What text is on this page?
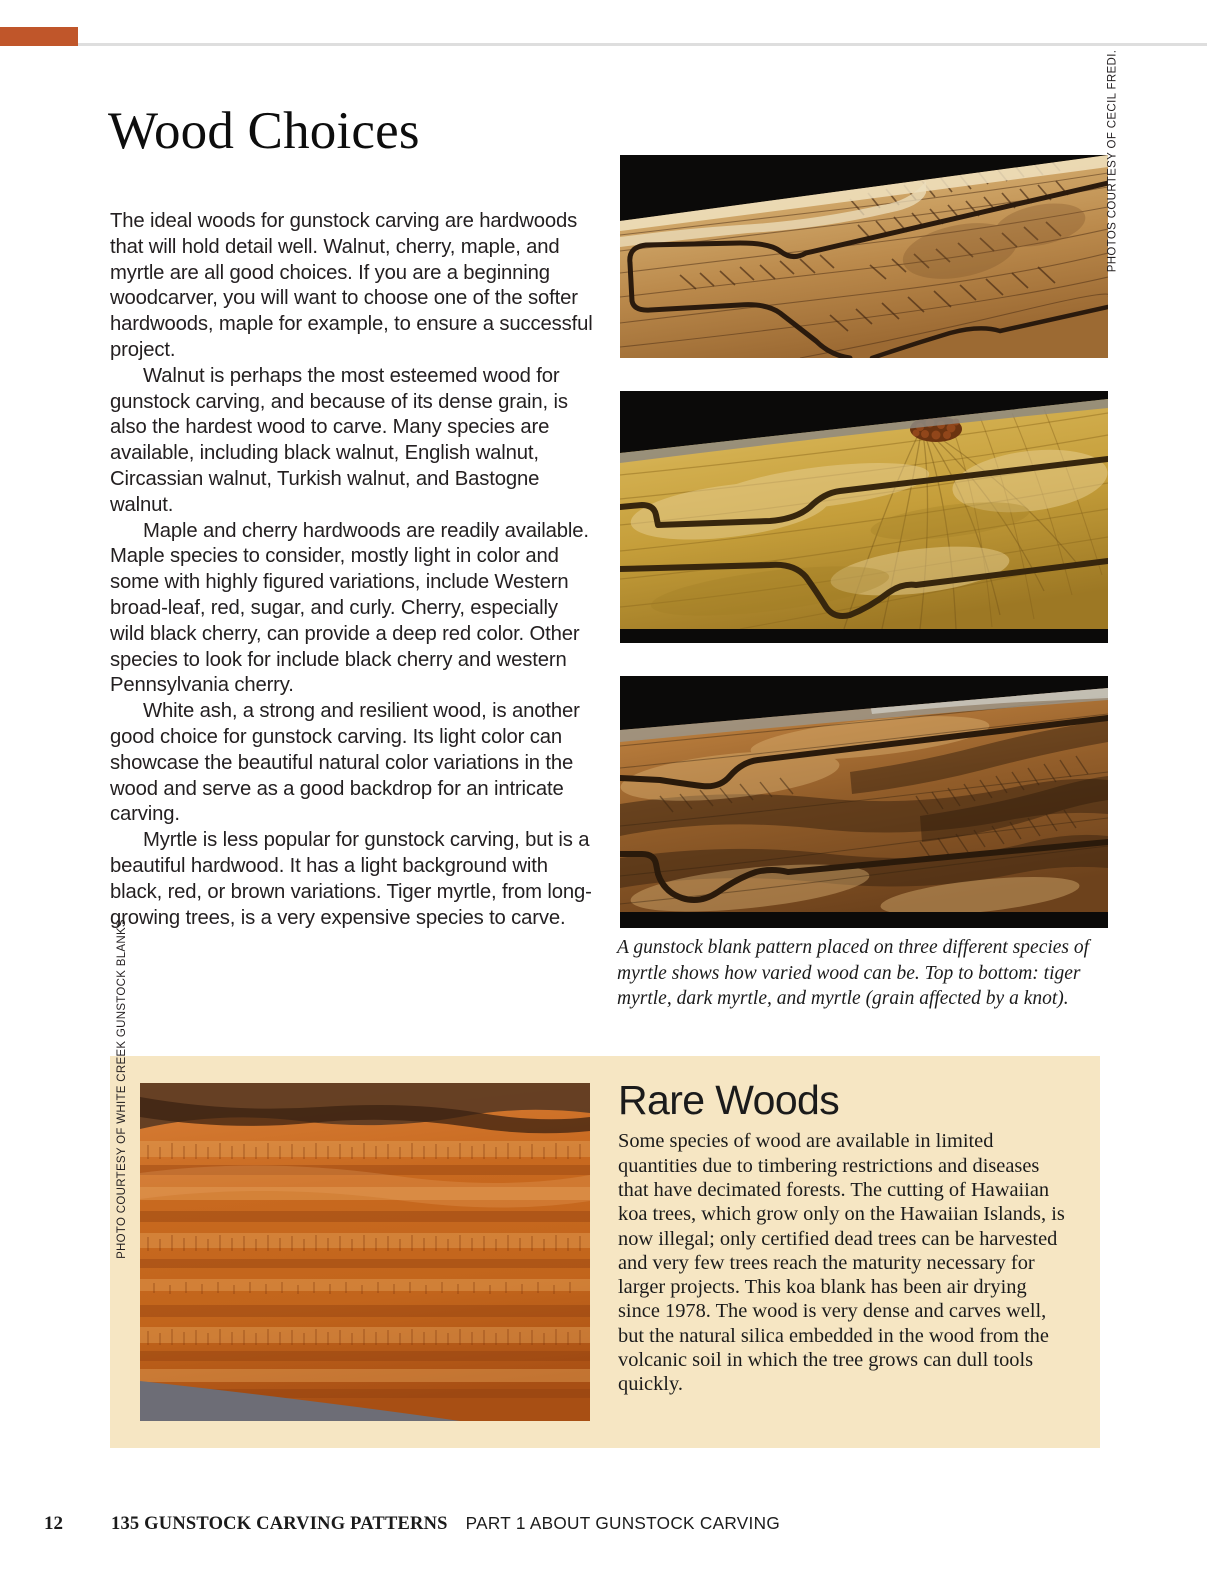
Wood Choices

The ideal woods for gunstock carving are hardwoods that will hold detail well. Walnut, cherry, maple, and myrtle are all good choices. If you are a beginning woodcarver, you will want to choose one of the softer hardwoods, maple for example, to ensure a successful project.

Walnut is perhaps the most esteemed wood for gunstock carving, and because of its dense grain, is also the hardest wood to carve. Many species are available, including black walnut, English walnut, Circassian walnut, Turkish walnut, and Bastogne walnut.

Maple and cherry hardwoods are readily available. Maple species to consider, mostly light in color and some with highly figured variations, include Western broad-leaf, red, sugar, and curly. Cherry, especially wild black cherry, can provide a deep red color. Other species to look for include black cherry and western Pennsylvania cherry.

White ash, a strong and resilient wood, is another good choice for gunstock carving. Its light color can showcase the beautiful natural color variations in the wood and serve as a good backdrop for an intricate carving.

Myrtle is less popular for gunstock carving, but is a beautiful hardwood. It has a light background with black, red, or brown variations. Tiger myrtle, from long-growing trees, is a very expensive species to carve.

PHOTOS COURTESY OF CECIL FREDI.
A gunstock blank pattern placed on three different species of myrtle shows how varied wood can be. Top to bottom: tiger myrtle, dark myrtle, and myrtle (grain affected by a knot).
PHOTO COURTESY OF WHITE CREEK GUNSTOCK BLANKS	Rare Woods

Some species of wood are available in limited quantities due to timbering restrictions and diseases that have decimated forests. The cutting of Hawaiian koa trees, which grow only on the Hawaiian Islands, is now illegal; only certified dead trees can be harvested and very few trees reach the maturity necessary for larger projects. This koa blank has been air drying since 1978. The wood is very dense and carves well, but the natural silica embedded in the wood from the volcanic soil in which the tree grows can dull tools quickly.

12	135 GUNSTOCK CARVING PATTERNS PART 1 ABOUT GUNSTOCK CARVING
